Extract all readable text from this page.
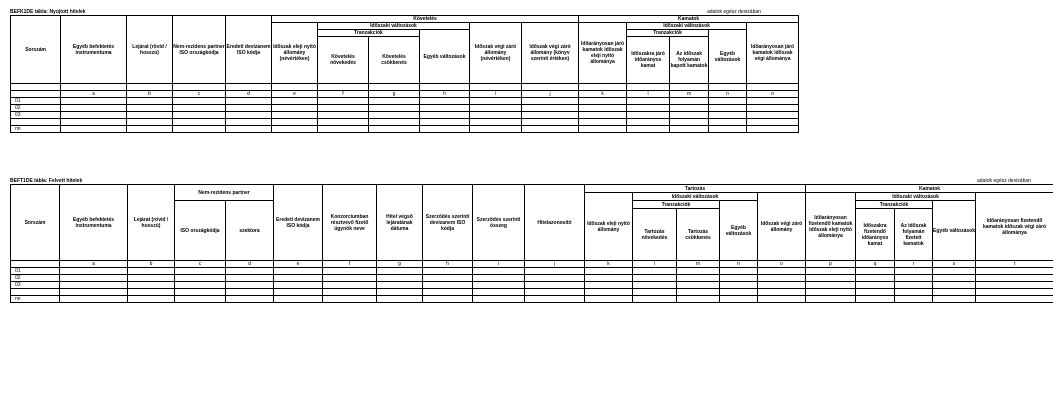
BEFK1DE tábla: Nyújtott hitelek	adatok egész devizában
Sorszám	Egyéb befektetés instrumentuma	Lejárat (rövid / hosszú)	Nem-rezidens partner ISO országkódja	Eredeti devizanem ISO kódja	Követelés						Kamatok				
					Időszak eleji nyitó állomány (névértéken)	Időszaki változások			Időszak végi záró állomány (névértéken)	Időszak végi záró állomány (könyv szerinti értéken)	Időarányosan járó kamatok időszak eleji nyitó állománya	Időszaki változások			Időarányosan járó kamatok időszak végi állománya
						Tranzakciók		Egyéb változások				Tranzakciók		Egyéb változások	
						Követelés növekedés	Követelés csökkenés					Időszakra járó időarányos kamat	Az időszak folyamán kapott kamatok		

	a	b	c	d	e	f	g	h	i	j	k	l	m	n	o
01															
02															
03															

nn															
BEFT1DE tábla: Felvett hitelek	adatok egész devizában
Sorszám	Egyéb befektetés instrumentuma	Lejárat (rövid / hosszú)	Nem-rezidens partner		Eredeti devizanem ISO kódja	Konzorciumban résztvevő fizető ügynök neve	Hitel végső lejáratának dátuma	Szerződés szerinti devizanem ISO kódja	Szerződés szerinti összeg	Hitelazonosító	Tartozás					Kamatok				
											Időszak eleji nyitó állomány	Időszaki változások			Időszak végi záró állomány	Időarányosan fizetendő kamatok időszak eleji nyitó állománya	Időszaki változások			Időarányosan fizetendő kamatok időszak végi záró állománya
			ISO országkódja	szektora								Tranzakciók		Egyéb változások			Tranzakciók		Egyéb változások	
												Tartozás növekedés	Tartozás csökkenés				Időszakra fizetendő időarányos kamat	Az időszak folyamán fizetett kamatok		
	a	b	c	d	e	f	g	h	i	j	k	l	m	n	o	p	q	r	s	t
01																				
02																				
03																				

nn																				
